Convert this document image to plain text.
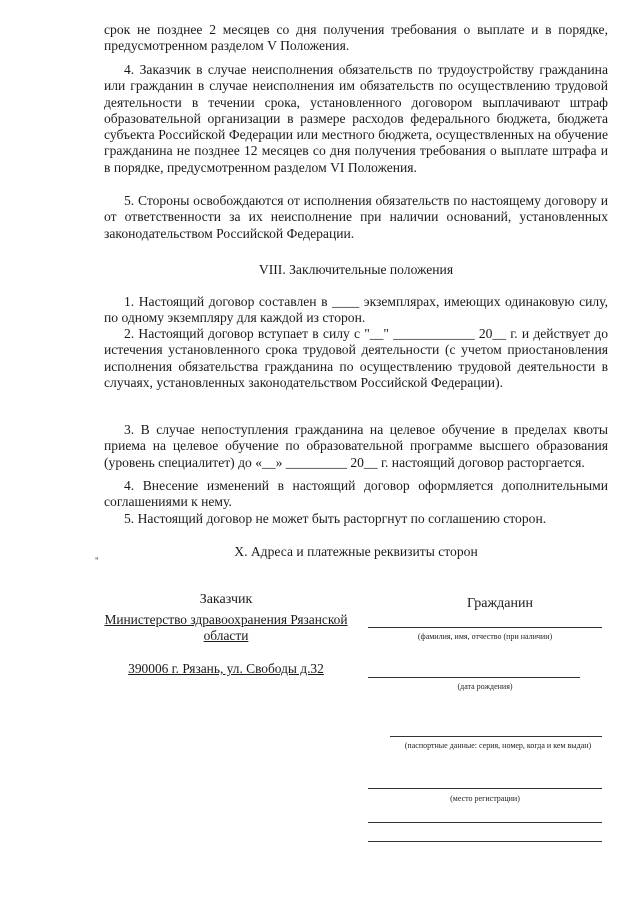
срок не позднее 2 месяцев со дня получения требования о выплате и в порядке, предусмотренном разделом V Положения.

4. Заказчик в случае неисполнения обязательств по трудоустройству гражданина или гражданин в случае неисполнения им обязательств по осуществлению трудовой деятельности в течении срока, установленного договором выплачивают штраф образовательной организации в размере расходов федерального бюджета, бюджета субъекта Российской Федерации или местного бюджета, осуществленных на обучение гражданина не позднее 12 месяцев со дня получения требования о выплате штрафа и в порядке, предусмотренном разделом VI Положения.

5. Стороны освобождаются от исполнения обязательств по настоящему договору и от ответственности за их неисполнение при наличии оснований, установленных законодательством Российской Федерации.

VIII. Заключительные положения

1. Настоящий договор составлен в ____ экземплярах, имеющих одинаковую силу, по одному экземпляру для каждой из сторон.

2. Настоящий договор вступает в силу с "__" ____________ 20__ г. и действует до истечения установленного срока трудовой деятельности (с учетом приостановления исполнения обязательства гражданина по осуществлению трудовой деятельности в случаях, установленных законодательством Российской Федерации).

3. В случае непоступления гражданина на целевое обучение в пределах квоты приема на целевое обучение по образовательной программе высшего образования (уровень специалитет) до «__» _________ 20__ г. настоящий договор расторгается.

4. Внесение изменений в настоящий договор оформляется дополнительными соглашениями к нему.

5. Настоящий договор не может быть расторгнут по соглашению сторон.

X. Адреса и платежные реквизиты сторон
"
Заказчик
Министерство здравоохранения Рязанской области
390006 г. Рязань, ул. Свободы д.32
Гражданин
(фамилия, имя, отчество (при наличии)
(дата рождения)
(паспортные данные: серия, номер, когда и кем выдан)
(место регистрации)
